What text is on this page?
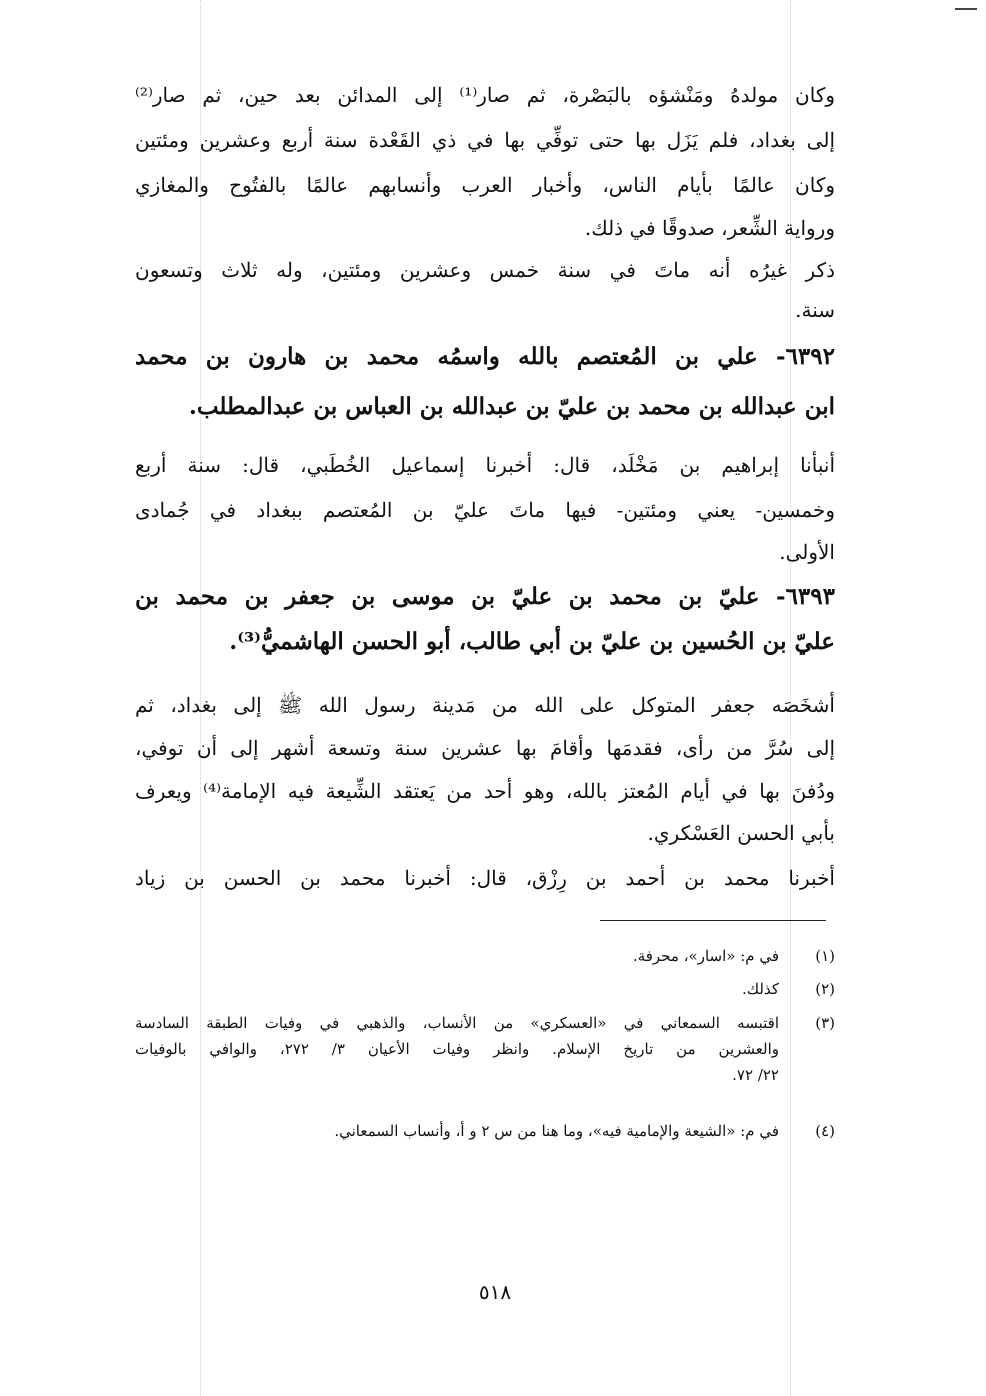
وكان مولدهُ ومَنْشؤه بالبَصْرة، ثم صار⁽¹⁾ إلى المدائن بعد حين، ثم صار⁽²⁾
إلى بغداد، فلم يَزَل بها حتى توفِّي بها في ذي القَعْدة سنة أربع وعشرين ومئتين
وكان عالمًا بأيام الناس، وأخبار العرب وأنسابهم عالمًا بالفتُوح والمغازي
ورواية الشِّعر، صدوقًا في ذلك.
ذكر غيرُه أنه ماتَ في سنة خمس وعشرين ومئتين، وله ثلاث وتسعون
سنة.
٦٣٩٢- علي بن المُعتصم بالله واسمُه محمد بن هارون بن محمد
ابن عبدالله بن محمد بن عليّ بن عبدالله بن العباس بن عبدالمطلب.
أنبأنا إبراهيم بن مَخْلَد، قال: أخبرنا إسماعيل الخُطَبي، قال: سنة أربع
وخمسين- يعني ومئتين- فيها ماتَ عليّ بن المُعتصم ببغداد في جُمادى
الأولى.
٦٣٩٣- عليّ بن محمد بن عليّ بن موسى بن جعفر بن محمد بن
عليّ بن الحُسين بن عليّ بن أبي طالب، أبو الحسن الهاشميُّ⁽³⁾.
أشخَصَه جعفر المتوكل على الله من مَدينة رسول الله ﷺ إلى بغداد، ثم
إلى سُرَّ من رأى، فقدمَها وأقامَ بها عشرين سنة وتسعة أشهر إلى أن توفي،
ودُفنَ بها في أيام المُعتز بالله، وهو أحد من يَعتقد الشِّيعة فيه الإمامة⁽⁴⁾ ويعرف
بأبي الحسن العَسْكري.
أخبرنا محمد بن أحمد بن رِزْق، قال: أخبرنا محمد بن الحسن بن زياد
(١)
في م: «اسار»، محرفة.
(٢)
كذلك.
(٣)
اقتبسه السمعاني في «العسكري» من الأنساب، والذهبي في وفيات الطبقة السادسة
والعشرين من تاريخ الإسلام. وانظر وفيات الأعيان ٣/ ٢٧٢، والوافي بالوفيات
٢٢/ ٧٢.
(٤)
في م: «الشيعة والإمامية فيه»، وما هنا من س ٢ و أ، وأنساب السمعاني.
٥١٨
